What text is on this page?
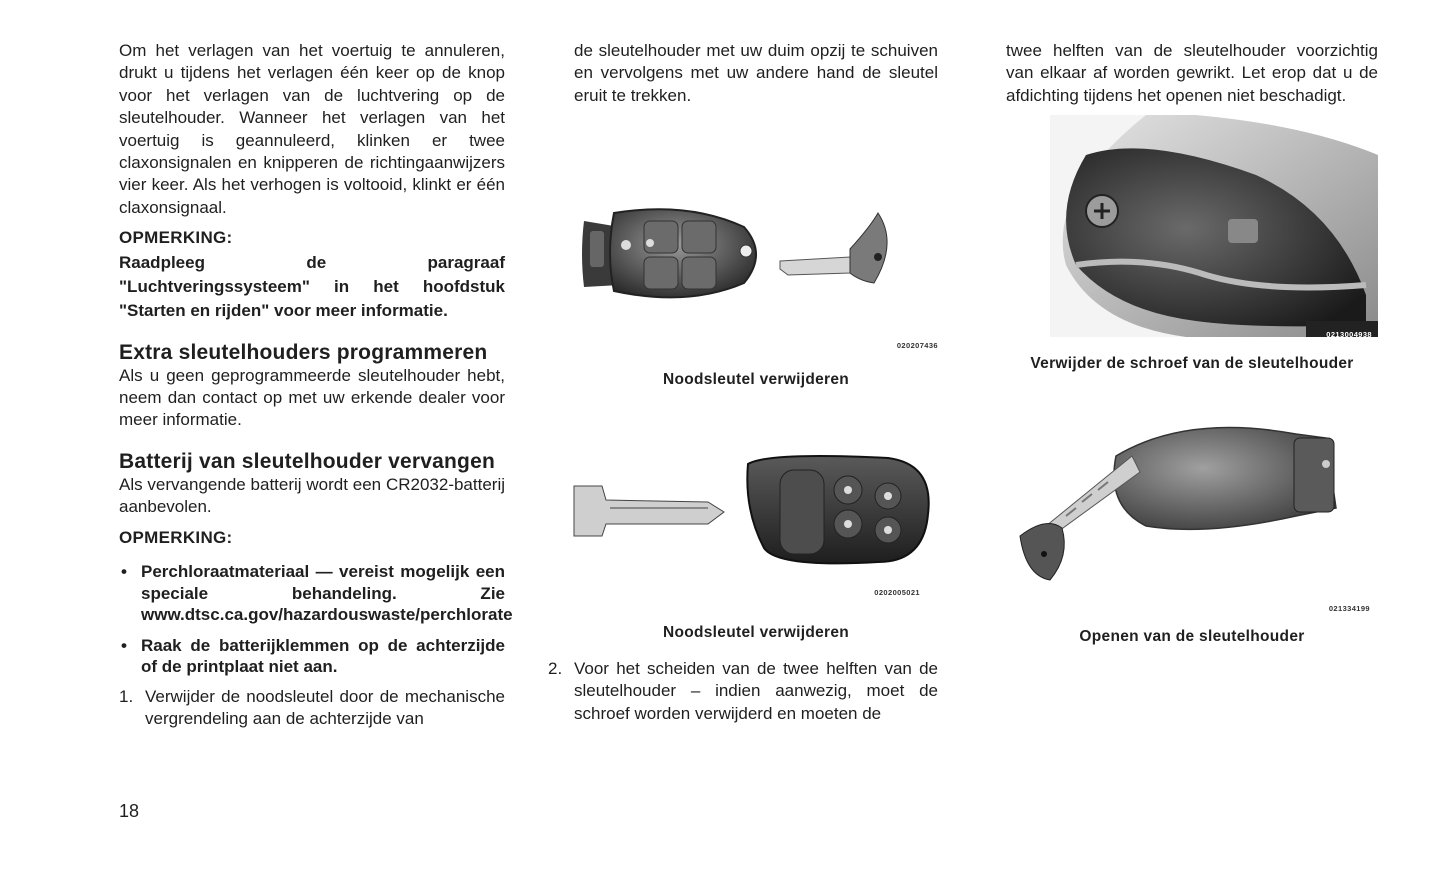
Om het verlagen van het voertuig te annuleren, drukt u tijdens het verlagen één keer op de knop voor het verlagen van de luchtvering op de sleutelhouder. Wanneer het verlagen van het voertuig is geannuleerd, klinken er twee claxonsignalen en knipperen de richtingaanwijzers vier keer. Als het verhogen is voltooid, klinkt er één claxonsignaal.

OPMERKING:

Raadpleeg de paragraaf "Luchtveringssysteem" in het hoofdstuk "Starten en rijden" voor meer informatie.

Extra sleutelhouders programmeren

Als u geen geprogrammeerde sleutelhouder hebt, neem dan contact op met uw erkende dealer voor meer informatie.

Batterij van sleutelhouder vervangen

Als vervangende batterij wordt een CR2032-batterij aanbevolen.

OPMERKING:
• Perchloraatmateriaal — vereist mogelijk een speciale behandeling. Zie www.dtsc.ca.gov/hazardouswaste/perchlorate
• Raak de batterijklemmen op de achterzijde of de printplaat niet aan.
1. Verwijder de noodsleutel door de mechanische vergrendeling aan de achterzijde van

de sleutelhouder met uw duim opzij te schuiven en vervolgens met uw andere hand de sleutel eruit te trekken.

020207436
Noodsleutel verwijderen
0202005021
Noodsleutel verwijderen
2. Voor het scheiden van de twee helften van de sleutelhouder – indien aanwezig, moet de schroef worden verwijderd en moeten de

twee helften van de sleutelhouder voorzichtig van elkaar af worden gewrikt. Let erop dat u de afdichting tijdens het openen niet beschadigt.

0213004938
Verwijder de schroef van de sleutelhouder
021334199
Openen van de sleutelhouder
18
